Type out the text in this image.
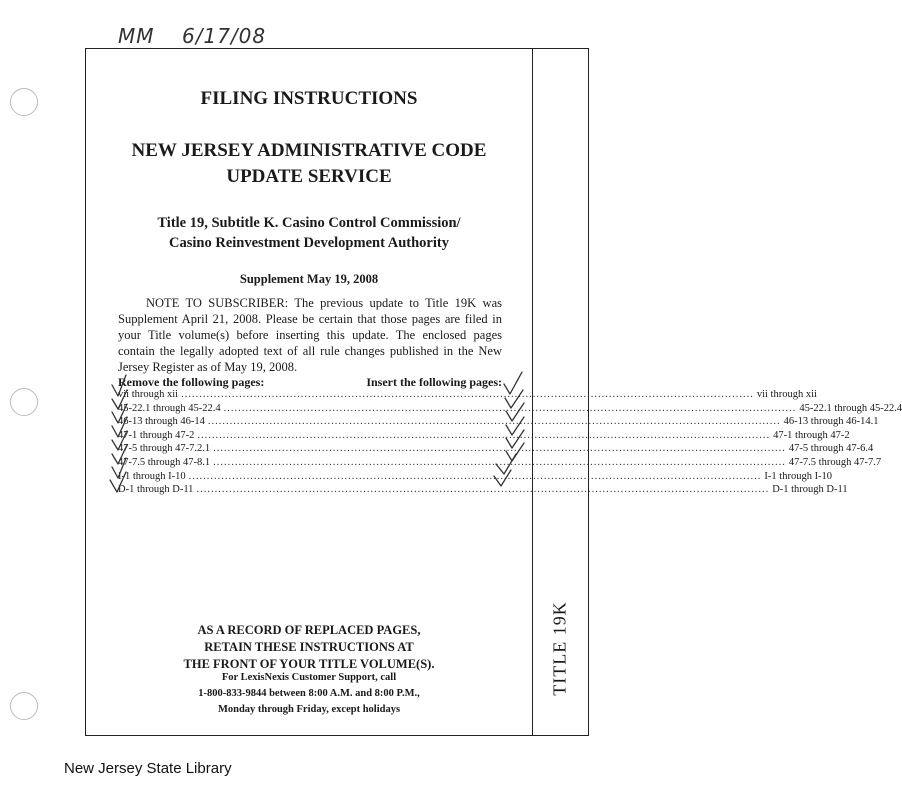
MM 6/17/08
TITLE 19K
FILING INSTRUCTIONS
NEW JERSEY ADMINISTRATIVE CODE
UPDATE SERVICE
Title 19, Subtitle K. Casino Control Commission/
Casino Reinvestment Development Authority
Supplement May 19, 2008
NOTE TO SUBSCRIBER: The previous update to Title 19K was Supplement April 21, 2008. Please be certain that those pages are filed in your Title volume(s) before inserting this update. The enclosed pages contain the legally adopted text of all rule changes published in the New Jersey Register as of May 19, 2008.
Remove the following pages:	Insert the following pages:
vii through xii .............................................................................................................................................................. vii through xii
45-22.1 through 45-22.4 .............................................................................................................................................................. 45-22.1 through 45-22.4
46-13 through 46-14 .............................................................................................................................................................. 46-13 through 46-14.1
47-1 through 47-2 .............................................................................................................................................................. 47-1 through 47-2
47-5 through 47-7.2.1 .............................................................................................................................................................. 47-5 through 47-6.4
47-7.5 through 47-8.1 .............................................................................................................................................................. 47-7.5 through 47-7.7
I-1 through I-10 .............................................................................................................................................................. I-1 through I-10
D-1 through D-11 .............................................................................................................................................................. D-1 through D-11
AS A RECORD OF REPLACED PAGES,
RETAIN THESE INSTRUCTIONS AT
THE FRONT OF YOUR TITLE VOLUME(S).
For LexisNexis Customer Support, call
1-800-833-9844 between 8:00 A.M. and 8:00 P.M.,
Monday through Friday, except holidays
New Jersey State Library
